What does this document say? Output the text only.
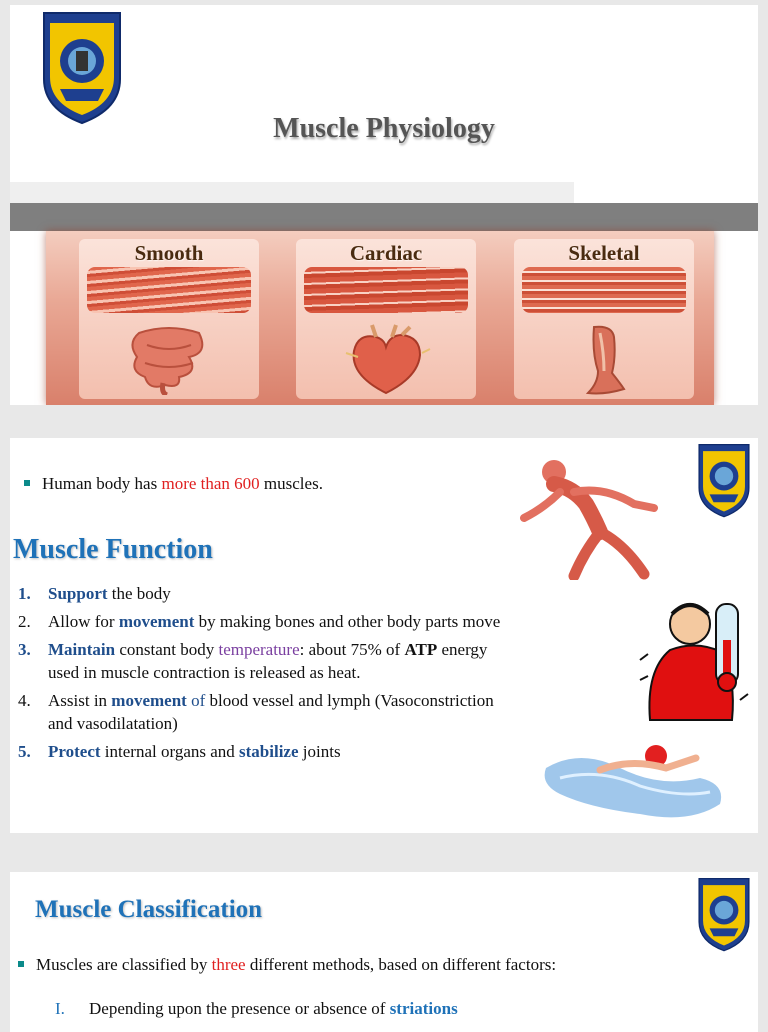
Muscle Physiology
Smooth	Cardiac	Skeletal
Human body has more than 600 muscles.
Muscle Function
1. Support the body
2. Allow for movement by making bones and other body parts move
3. Maintain constant body temperature: about 75% of ATP energy used in muscle contraction is released as heat.
4. Assist in movement of blood vessel and lymph (Vasoconstriction and vasodilatation)
5. Protect internal organs and stabilize joints
Muscle Classification
Muscles are classified by three different methods, based on different factors:
I. Depending upon the presence or absence of striations
